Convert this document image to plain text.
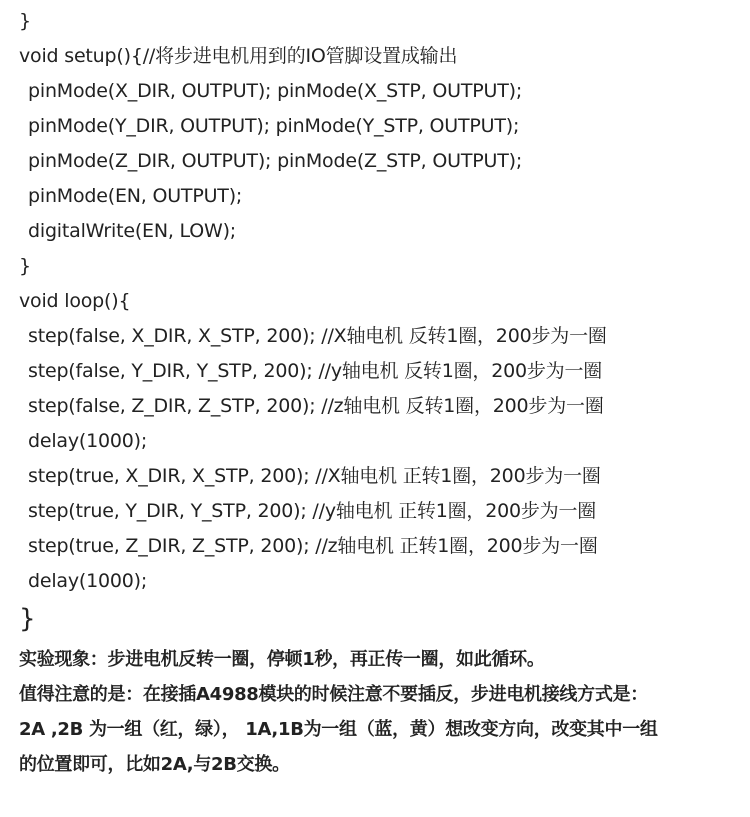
}
void setup(){//将步进电机用到的IO管脚设置成输出
pinMode(X_DIR, OUTPUT); pinMode(X_STP, OUTPUT);
pinMode(Y_DIR, OUTPUT); pinMode(Y_STP, OUTPUT);
pinMode(Z_DIR, OUTPUT); pinMode(Z_STP, OUTPUT);
pinMode(EN, OUTPUT);
digitalWrite(EN, LOW);
}
void loop(){
step(false, X_DIR, X_STP, 200); //X轴电机 反转1圈，200步为一圈
step(false, Y_DIR, Y_STP, 200); //y轴电机 反转1圈，200步为一圈
step(false, Z_DIR, Z_STP, 200); //z轴电机 反转1圈，200步为一圈
delay(1000);
step(true, X_DIR, X_STP, 200); //X轴电机 正转1圈，200步为一圈
step(true, Y_DIR, Y_STP, 200); //y轴电机 正转1圈，200步为一圈
step(true, Z_DIR, Z_STP, 200); //z轴电机 正转1圈，200步为一圈
delay(1000);
}
实验现象：步进电机反转一圈，停顿1秒，再正传一圈，如此循环。
值得注意的是：在接插A4988模块的时候注意不要插反，步进电机接线方式是：
2A ,2B 为一组（红，绿）， 1A,1B为一组（蓝，黄）想改变方向，改变其中一组
的位置即可，比如2A,与2B交换。
